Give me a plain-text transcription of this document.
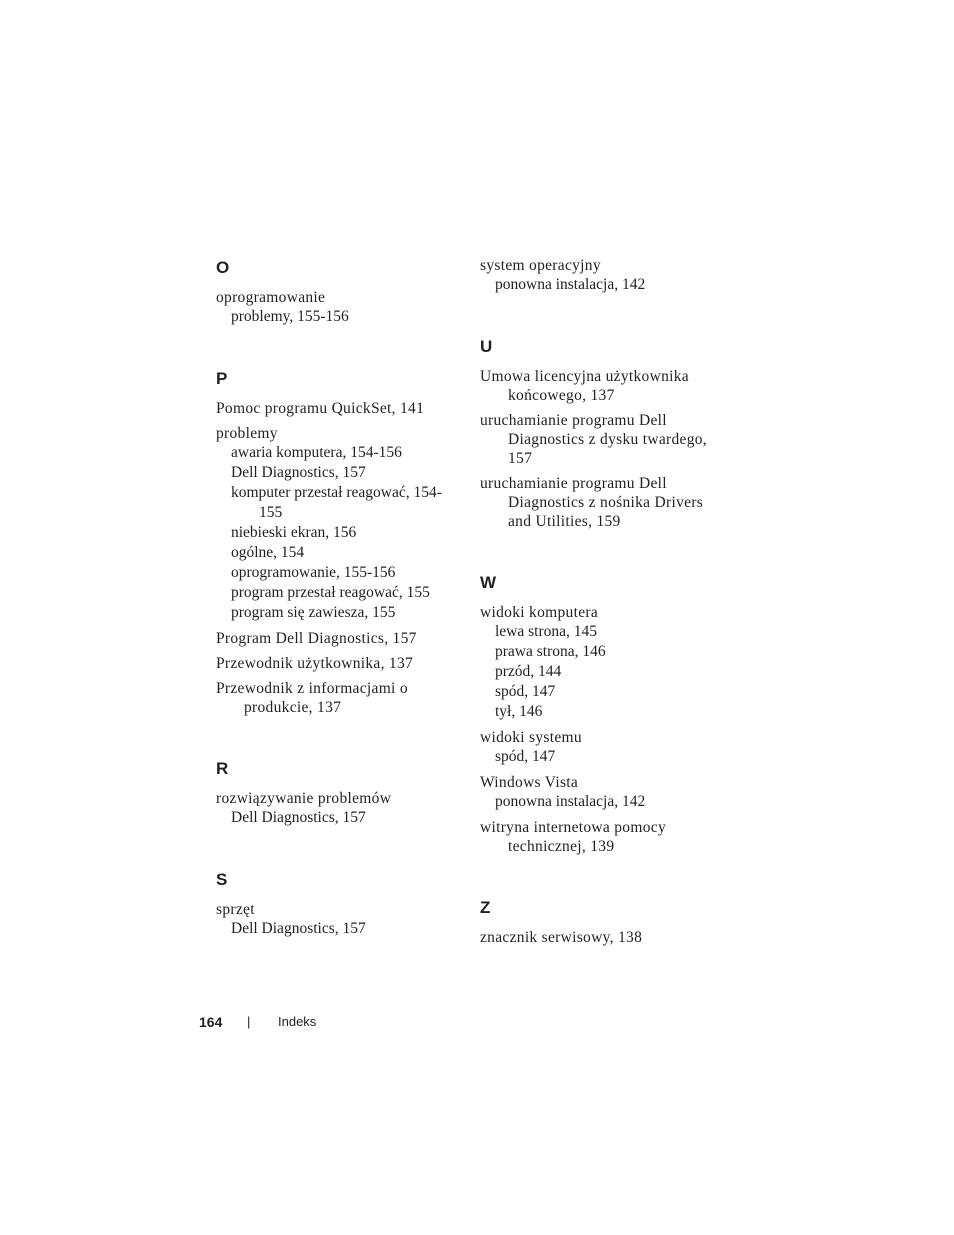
O
oprogramowanie
problemy, 155-156
P
Pomoc programu QuickSet, 141
problemy
awaria komputera, 154-156
Dell Diagnostics, 157
komputer przestał reagować, 154-155
niebieski ekran, 156
ogólne, 154
oprogramowanie, 155-156
program przestał reagować, 155
program się zawiesza, 155
Program Dell Diagnostics, 157
Przewodnik użytkownika, 137
Przewodnik z informacjami o produkcie, 137
R
rozwiązywanie problemów
Dell Diagnostics, 157
S
sprzęt
Dell Diagnostics, 157
system operacyjny
ponowna instalacja, 142
U
Umowa licencyjna użytkownika końcowego, 137
uruchamianie programu Dell Diagnostics z dysku twardego, 157
uruchamianie programu Dell Diagnostics z nośnika Drivers and Utilities, 159
W
widoki komputera
lewa strona, 145
prawa strona, 146
przód, 144
spód, 147
tył, 146
widoki systemu
spód, 147
Windows Vista
ponowna instalacja, 142
witryna internetowa pomocy technicznej, 139
Z
znacznik serwisowy, 138
164 | Indeks
